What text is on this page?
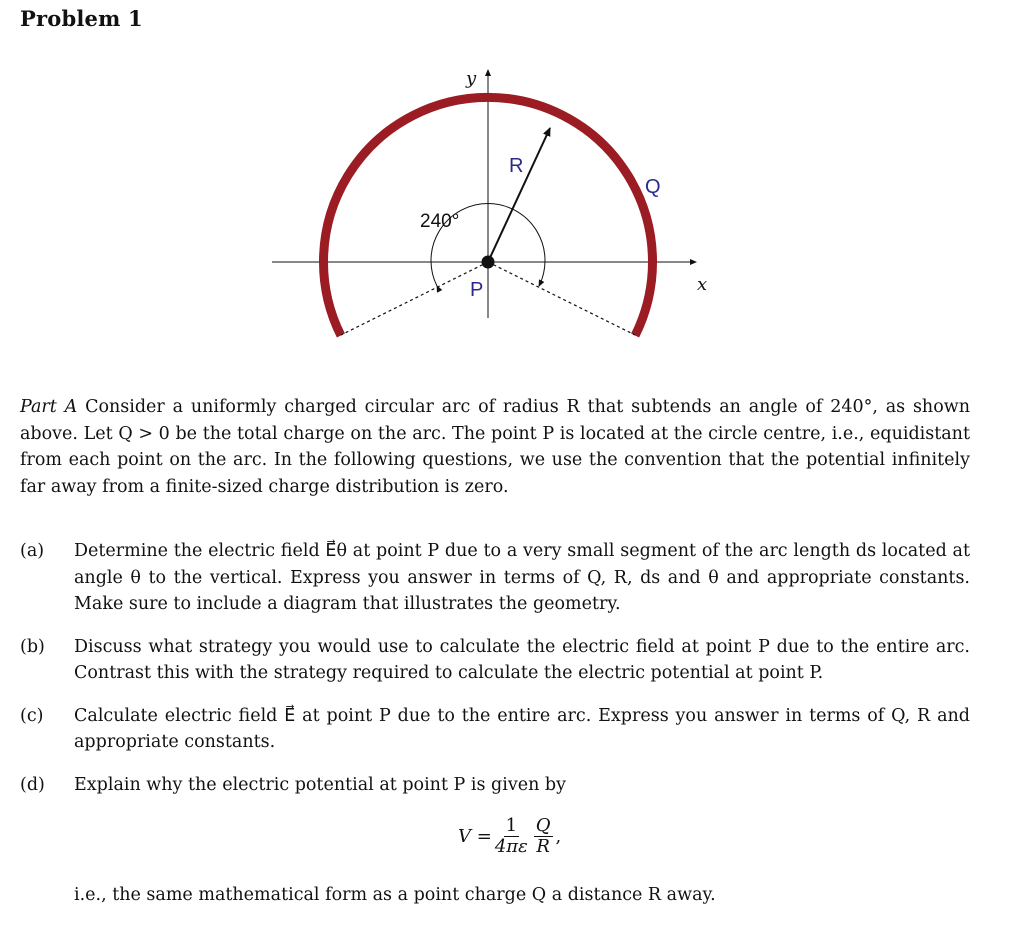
Problem 1
y
x
R
Q
P
240°
Part A Consider a uniformly charged circular arc of radius R that subtends an angle of 240°, as shown above. Let Q > 0 be the total charge on the arc. The point P is located at the circle centre, i.e., equidistant from each point on the arc. In the following questions, we use the convention that the potential infinitely far away from a finite-sized charge distribution is zero.
(a)	Determine the electric field E⃗θ at point P due to a very small segment of the arc length ds located at angle θ to the vertical. Express you answer in terms of Q, R, ds and θ and appropriate constants. Make sure to include a diagram that illustrates the geometry.
(b)	Discuss what strategy you would use to calculate the electric field at point P due to the entire arc. Contrast this with the strategy required to calculate the electric potential at point P.
(c)	Calculate electric field E⃗ at point P due to the entire arc. Express you answer in terms of Q, R and appropriate constants.
(d)	Explain why the electric potential at point P is given by
$V = \frac{1}{4\pi\varepsilon} \frac{Q}{R}$ ,
i.e., the same mathematical form as a point charge Q a distance R away.
